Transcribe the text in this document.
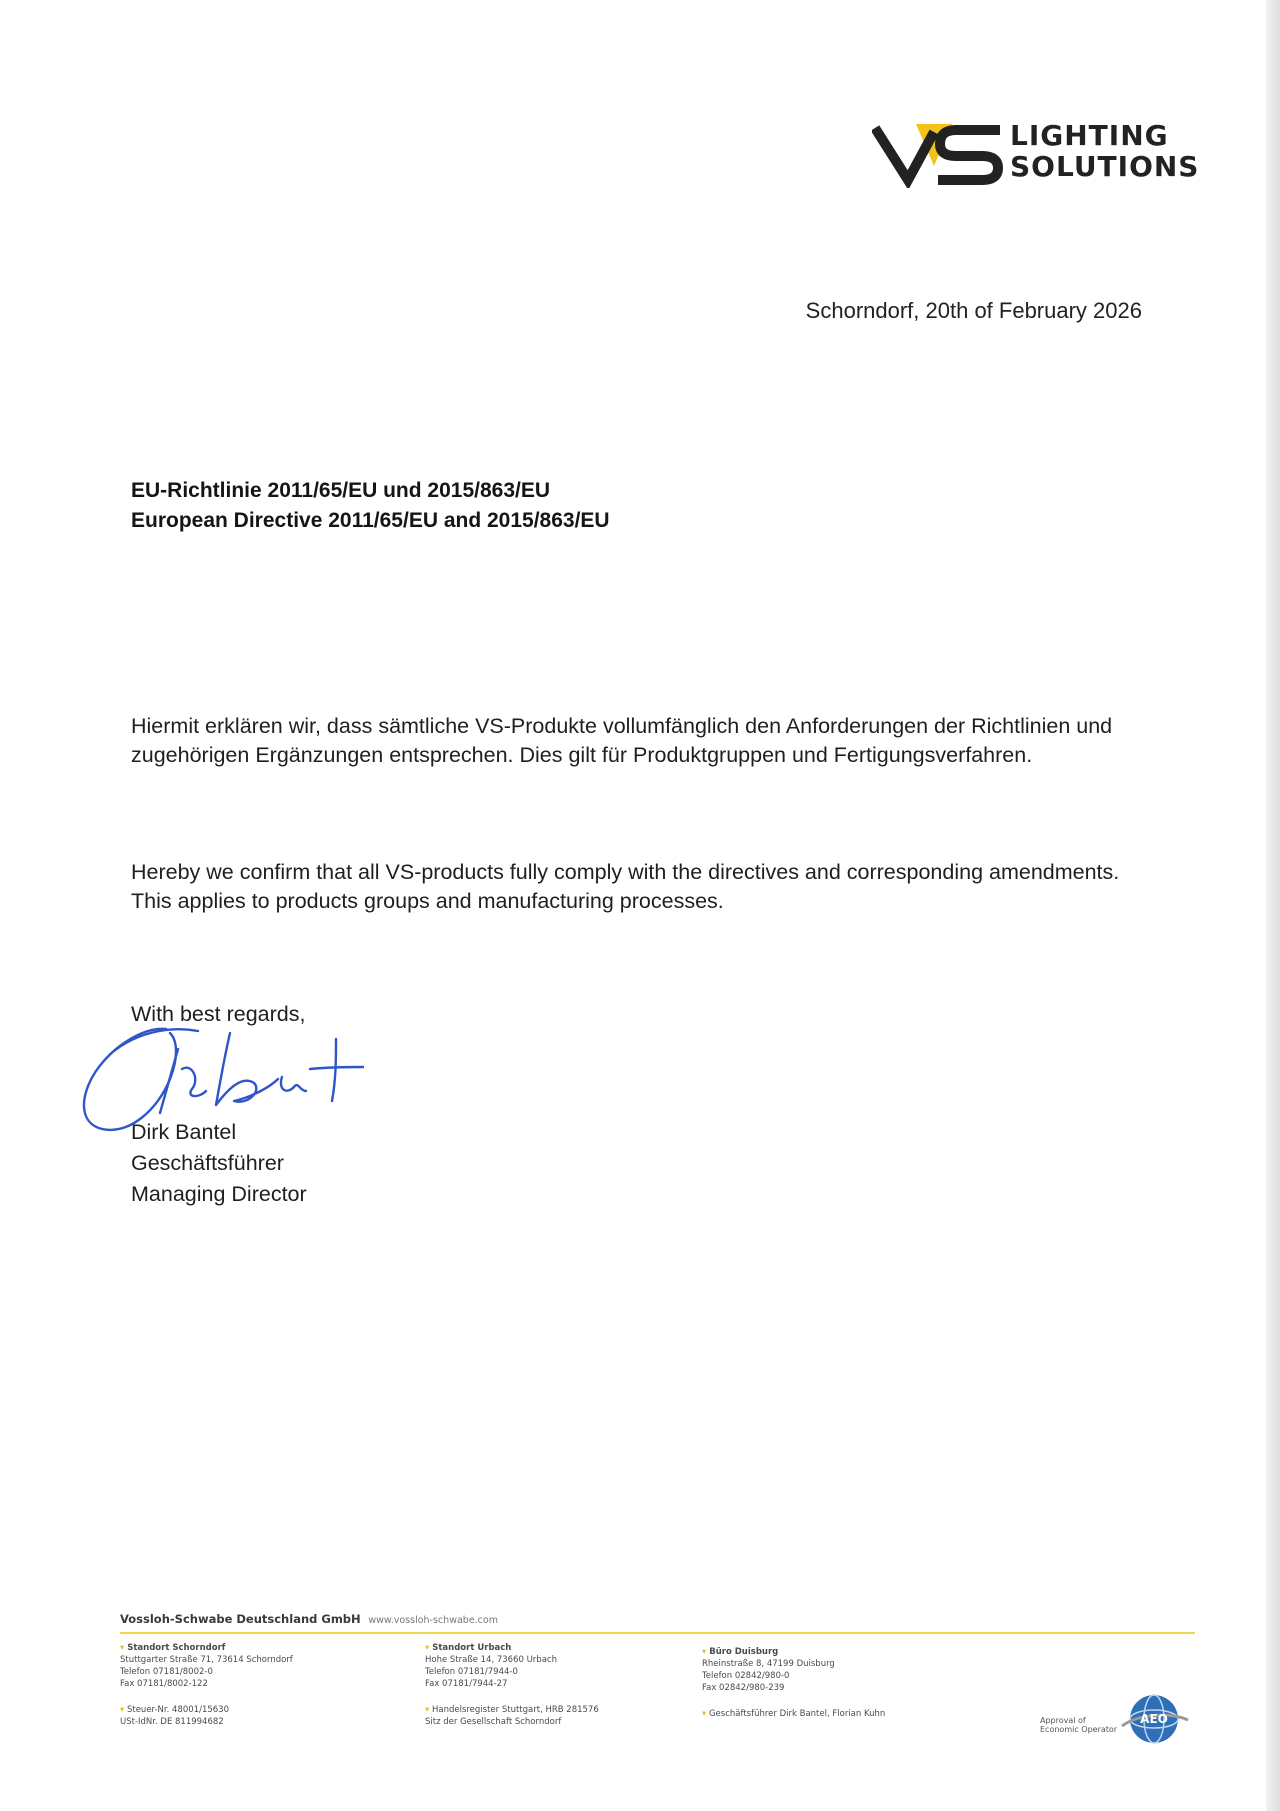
LIGHTING
SOLUTIONS
Schorndorf, 20th of February 2026
EU-Richtlinie 2011/65/EU und 2015/863/EU
European Directive 2011/65/EU and 2015/863/EU
Hiermit erklären wir, dass sämtliche VS-Produkte vollumfänglich den Anforderungen der Richtlinien und zugehörigen Ergänzungen entsprechen. Dies gilt für Produktgruppen und Fertigungsverfahren.
Hereby we confirm that all VS-products fully comply with the directives and corresponding amendments. This applies to products groups and manufacturing processes.
With best regards,
Dirk Bantel
Geschäftsführer
Managing Director
Vossloh-Schwabe Deutschland GmbH www.vossloh-schwabe.com
▾ Standort Schorndorf
Stuttgarter Straße 71, 73614 Schorndorf
Telefon 07181/8002-0
Fax 07181/8002-122
▾ Steuer-Nr. 48001/15630
USt-IdNr. DE 811994682
▾ Standort Urbach
Hohe Straße 14, 73660 Urbach
Telefon 07181/7944-0
Fax 07181/7944-27
▾ Handelsregister Stuttgart, HRB 281576
Sitz der Gesellschaft Schorndorf
▾ Büro Duisburg
Rheinstraße 8, 47199 Duisburg
Telefon 02842/980-0
Fax 02842/980-239
▾ Geschäftsführer Dirk Bantel, Florian Kuhn
Approval of
Economic Operator
AEO
